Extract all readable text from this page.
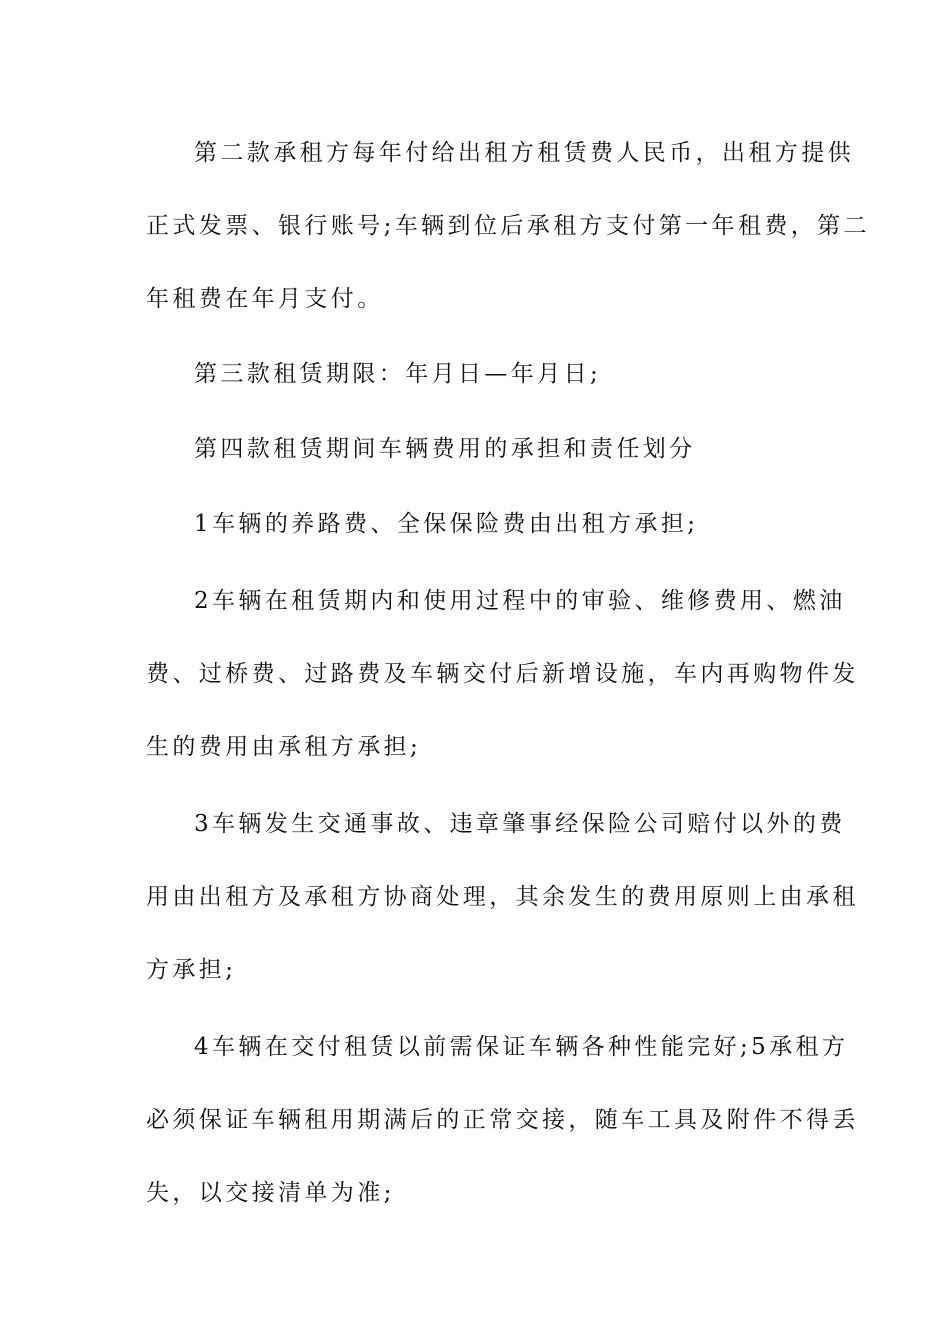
第二款承租方每年付给出租方租赁费人民币，出租方提供
正式发票、银行账号;车辆到位后承租方支付第一年租费，第二
年租费在年月支付。
第三款租赁期限：年月日—年月日;
第四款租赁期间车辆费用的承担和责任划分
1车辆的养路费、全保保险费由出租方承担;
2车辆在租赁期内和使用过程中的审验、维修费用、燃油
费、过桥费、过路费及车辆交付后新增设施，车内再购物件发
生的费用由承租方承担;
3车辆发生交通事故、违章肇事经保险公司赔付以外的费
用由出租方及承租方协商处理，其余发生的费用原则上由承租
方承担;
4车辆在交付租赁以前需保证车辆各种性能完好;5承租方
必须保证车辆租用期满后的正常交接，随车工具及附件不得丢
失，以交接清单为准;
